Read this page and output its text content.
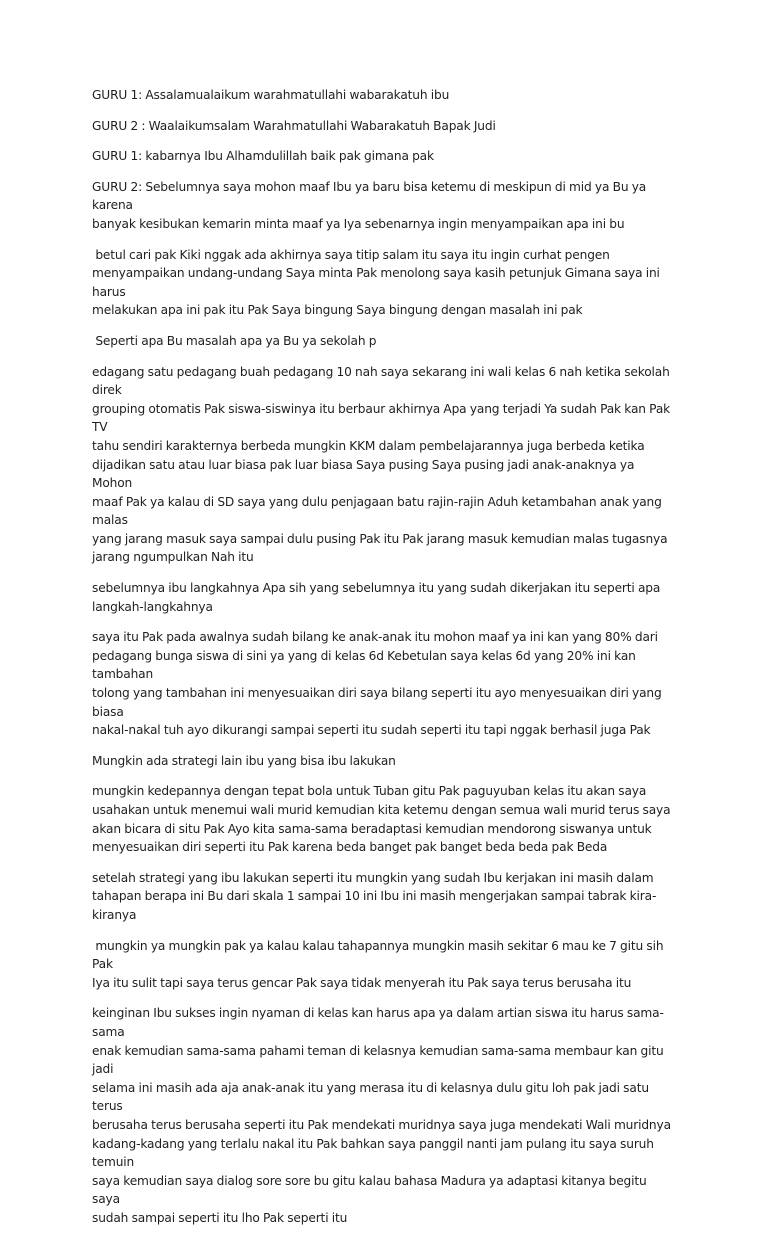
GURU 1: Assalamualaikum warahmatullahi wabarakatuh ibu

GURU 2 : Waalaikumsalam Warahmatullahi Wabarakatuh Bapak Judi

GURU 1: kabarnya Ibu Alhamdulillah baik pak gimana pak

GURU 2: Sebelumnya saya mohon maaf Ibu ya baru bisa ketemu di meskipun di mid ya Bu ya karena
banyak kesibukan kemarin minta maaf ya Iya sebenarnya ingin menyampaikan apa ini bu

betul cari pak Kiki nggak ada akhirnya saya titip salam itu saya itu ingin curhat pengen
menyampaikan undang-undang Saya minta Pak menolong saya kasih petunjuk Gimana saya ini harus
melakukan apa ini pak itu Pak Saya bingung Saya bingung dengan masalah ini pak

Seperti apa Bu masalah apa ya Bu ya sekolah p

edagang satu pedagang buah pedagang 10 nah saya sekarang ini wali kelas 6 nah ketika sekolah direk
grouping otomatis Pak siswa-siswinya itu berbaur akhirnya Apa yang terjadi Ya sudah Pak kan Pak TV
tahu sendiri karakternya berbeda mungkin KKM dalam pembelajarannya juga berbeda ketika
dijadikan satu atau luar biasa pak luar biasa Saya pusing Saya pusing jadi anak-anaknya ya Mohon
maaf Pak ya kalau di SD saya yang dulu penjagaan batu rajin-rajin Aduh ketambahan anak yang malas
yang jarang masuk saya sampai dulu pusing Pak itu Pak jarang masuk kemudian malas tugasnya
jarang ngumpulkan Nah itu

sebelumnya ibu langkahnya Apa sih yang sebelumnya itu yang sudah dikerjakan itu seperti apa
langkah-langkahnya

saya itu Pak pada awalnya sudah bilang ke anak-anak itu mohon maaf ya ini kan yang 80% dari
pedagang bunga siswa di sini ya yang di kelas 6d Kebetulan saya kelas 6d yang 20% ini kan tambahan
tolong yang tambahan ini menyesuaikan diri saya bilang seperti itu ayo menyesuaikan diri yang biasa
nakal-nakal tuh ayo dikurangi sampai seperti itu sudah seperti itu tapi nggak berhasil juga Pak

Mungkin ada strategi lain ibu yang bisa ibu lakukan

mungkin kedepannya dengan tepat bola untuk Tuban gitu Pak paguyuban kelas itu akan saya
usahakan untuk menemui wali murid kemudian kita ketemu dengan semua wali murid terus saya
akan bicara di situ Pak Ayo kita sama-sama beradaptasi kemudian mendorong siswanya untuk
menyesuaikan diri seperti itu Pak karena beda banget pak banget beda beda pak Beda

setelah strategi yang ibu lakukan seperti itu mungkin yang sudah Ibu kerjakan ini masih dalam
tahapan berapa ini Bu dari skala 1 sampai 10 ini Ibu ini masih mengerjakan sampai tabrak kira-
kiranya

mungkin ya mungkin pak ya kalau kalau tahapannya mungkin masih sekitar 6 mau ke 7 gitu sih Pak
Iya itu sulit tapi saya terus gencar Pak saya tidak menyerah itu Pak saya terus berusaha itu

keinginan Ibu sukses ingin nyaman di kelas kan harus apa ya dalam artian siswa itu harus sama-sama
enak kemudian sama-sama pahami teman di kelasnya kemudian sama-sama membaur kan gitu jadi
selama ini masih ada aja anak-anak itu yang merasa itu di kelasnya dulu gitu loh pak jadi satu terus
berusaha terus berusaha seperti itu Pak mendekati muridnya saya juga mendekati Wali muridnya
kadang-kadang yang terlalu nakal itu Pak bahkan saya panggil nanti jam pulang itu saya suruh temuin
saya kemudian saya dialog sore sore bu gitu kalau bahasa Madura ya adaptasi kitanya begitu saya
sudah sampai seperti itu lho Pak seperti itu
